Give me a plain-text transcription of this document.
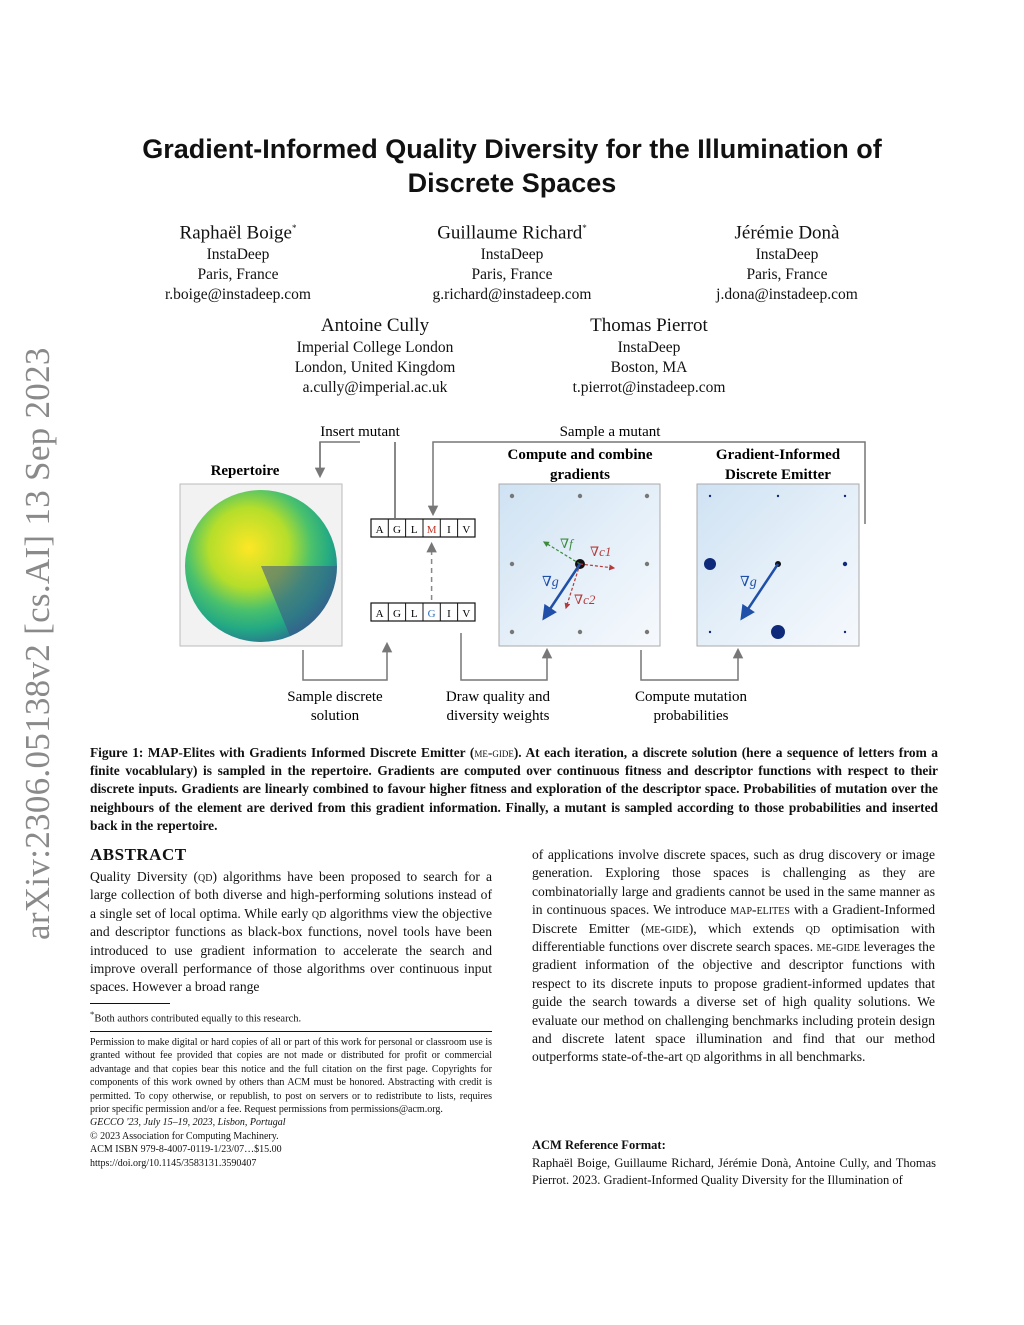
arXiv:2306.05138v2 [cs.AI] 13 Sep 2023
Gradient-Informed Quality Diversity for the Illumination of
Discrete Spaces
Raphaël Boige*
InstaDeep
Paris, France
r.boige@instadeep.com
Guillaume Richard*
InstaDeep
Paris, France
g.richard@instadeep.com
Jérémie Donà
InstaDeep
Paris, France
j.dona@instadeep.com
Antoine Cully
Imperial College London
London, United Kingdom
a.cully@imperial.ac.uk
Thomas Pierrot
InstaDeep
Boston, MA
t.pierrot@instadeep.com
Repertoire
Insert mutant	Sample a mutant
A G L M I V
A G L G I V
Compute and combine
gradients
∇f
∇c1
∇c2
∇g
Gradient-Informed
Discrete Emitter
∇g
Sample discrete
solution
Draw quality and
diversity weights
Compute mutation
probabilities
Figure 1: MAP-Elites with Gradients Informed Discrete Emitter (me-gide). At each iteration, a discrete solution (here a sequence of letters from a finite vocablulary) is sampled in the repertoire. Gradients are computed over continuous fitness and descriptor functions with respect to their discrete inputs. Gradients are linearly combined to favour higher fitness and exploration of the descriptor space. Probabilities of mutation over the neighbours of the element are derived from this gradient information. Finally, a mutant is sampled according to those probabilities and inserted back in the repertoire.
ABSTRACT
Quality Diversity (qd) algorithms have been proposed to search for a large collection of both diverse and high-performing solutions instead of a single set of local optima. While early qd algorithms view the objective and descriptor functions as black-box functions, novel tools have been introduced to use gradient information to accelerate the search and improve overall performance of those algorithms over continuous input spaces. However a broad range
of applications involve discrete spaces, such as drug discovery or image generation. Exploring those spaces is challenging as they are combinatorially large and gradients cannot be used in the same manner as in continuous spaces. We introduce map-elites with a Gradient-Informed Discrete Emitter (me-gide), which extends qd optimisation with differentiable functions over discrete search spaces. me-gide leverages the gradient information of the objective and descriptor functions with respect to its discrete inputs to propose gradient-informed updates that guide the search towards a diverse set of high quality solutions. We evaluate our method on challenging benchmarks including protein design and discrete latent space illumination and find that our method outperforms state-of-the-art qd algorithms in all benchmarks.
*Both authors contributed equally to this research.
Permission to make digital or hard copies of all or part of this work for personal or classroom use is granted without fee provided that copies are not made or distributed for profit or commercial advantage and that copies bear this notice and the full citation on the first page. Copyrights for components of this work owned by others than ACM must be honored. Abstracting with credit is permitted. To copy otherwise, or republish, to post on servers or to redistribute to lists, requires prior specific permission and/or a fee. Request permissions from permissions@acm.org.
GECCO '23, July 15–19, 2023, Lisbon, Portugal
© 2023 Association for Computing Machinery.
ACM ISBN 979-8-4007-0119-1/23/07…$15.00
https://doi.org/10.1145/3583131.3590407
ACM Reference Format:
Raphaël Boige, Guillaume Richard, Jérémie Donà, Antoine Cully, and Thomas Pierrot. 2023. Gradient-Informed Quality Diversity for the Illumination of
